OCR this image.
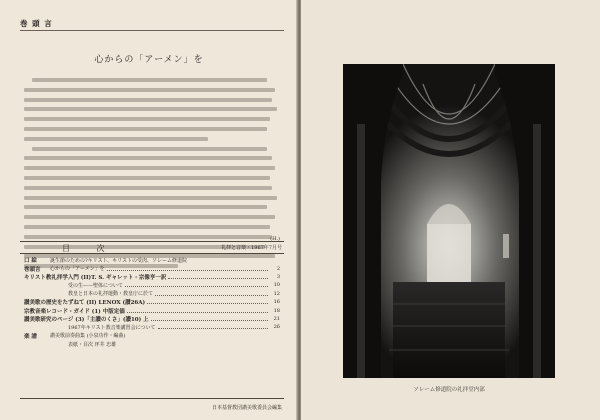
巻 頭 言
心からの「アーメン」を
(H.)
目 次	礼拝と音楽・1967年7月号
口 絵	誕生節のための?キリスト、キリストの受肉、ソレーム修道院
巻頭言	心からの「アーメン」を	2
キリスト教礼拝学入門 (II) T. S. ギャレット・宗像亨一訳	3
受の生——聖体について	10
教皇と日本の礼拝運動・教皇庁に於て	12
讃美歌の歴史をたずねて (II) LENOX (讃26A)	16
宗教音楽レコード・ガイド (1) 中版定価	18
讃美歌研究のページ (3)「主讃のくさ」(讃10) 上	21
1967年キリスト教音楽講習会について	26
楽 譜	讃美歌前奏曲集 (小泉功作・編曲)
表紙・目次 坪井 忠雄
日本基督教団讃美歌委員会編集
ソレーム修道院の礼拝堂内部
